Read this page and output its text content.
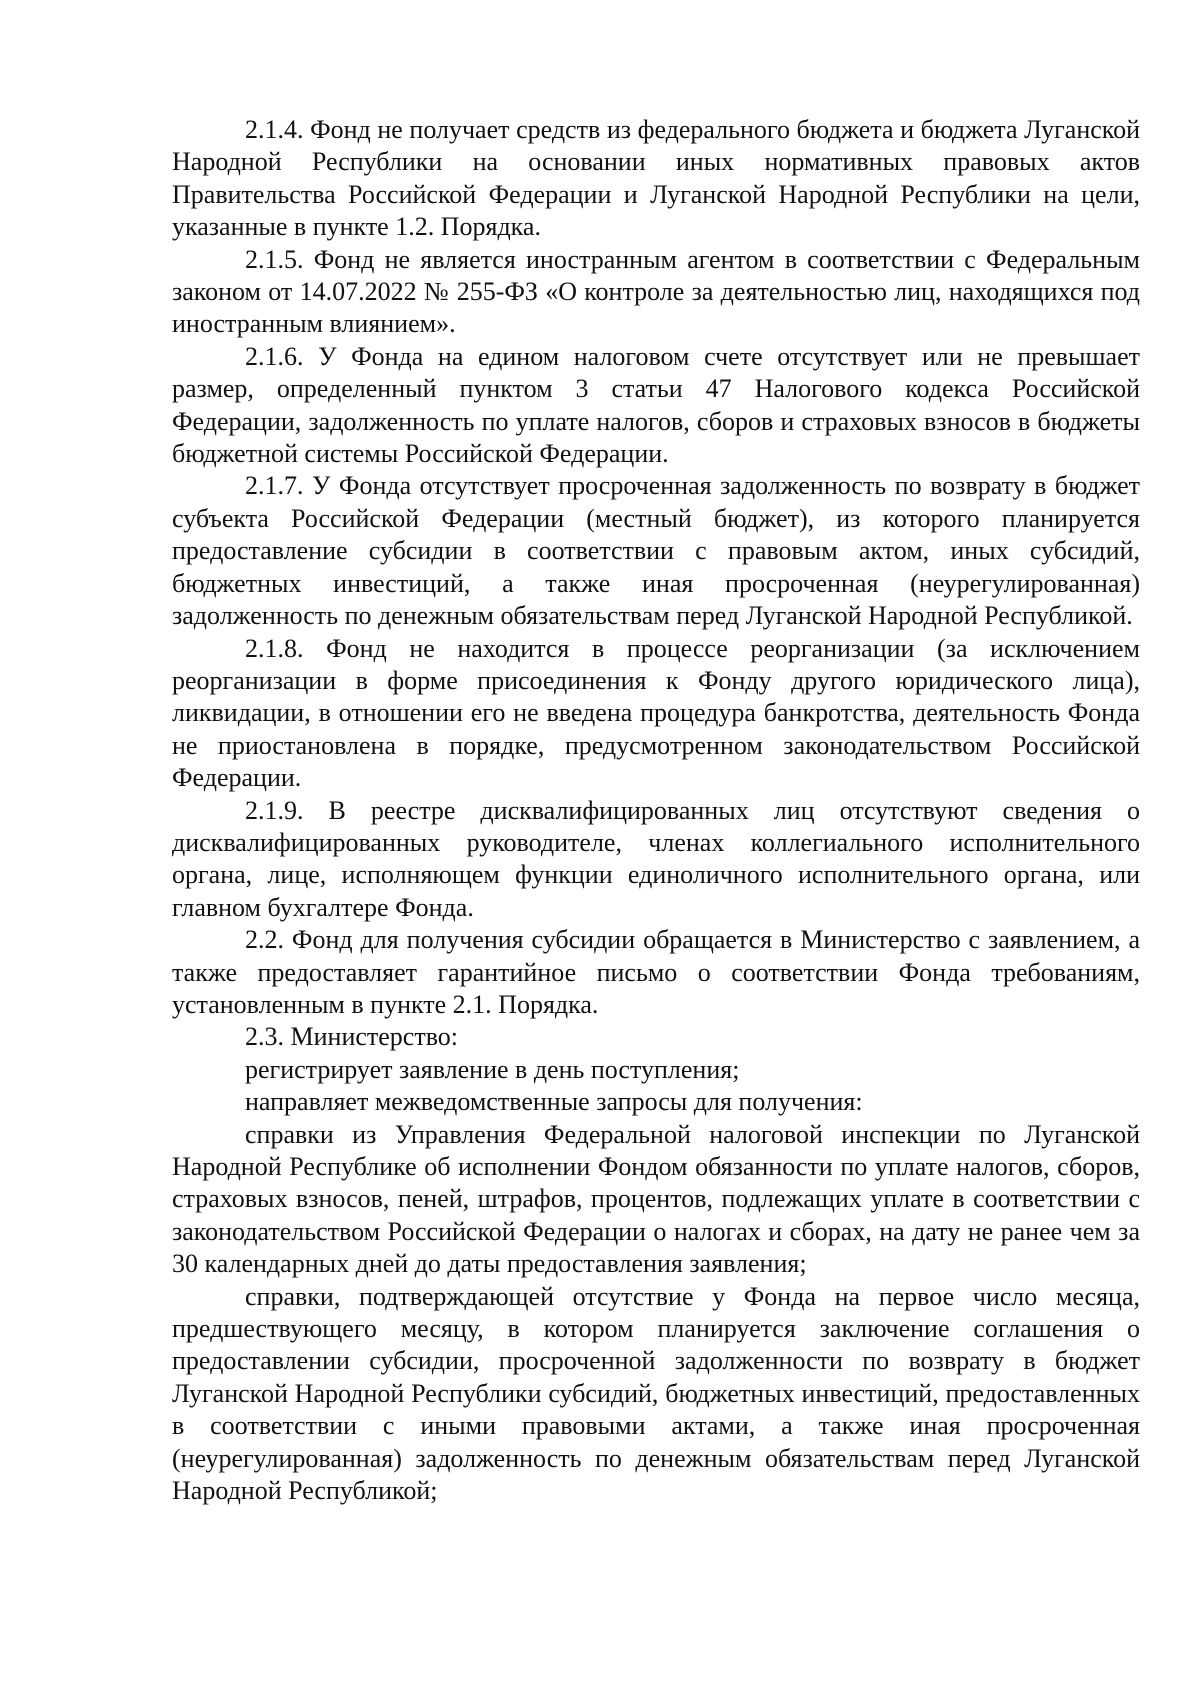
2.1.4. Фонд не получает средств из федерального бюджета и бюджета Луганской Народной Республики на основании иных нормативных правовых актов Правительства Российской Федерации и Луганской Народной Республики на цели, указанные в пункте 1.2. Порядка.

2.1.5. Фонд не является иностранным агентом в соответствии с Федеральным законом от 14.07.2022 № 255-ФЗ «О контроле за деятельностью лиц, находящихся под иностранным влиянием».

2.1.6. У Фонда на едином налоговом счете отсутствует или не превышает размер, определенный пунктом 3 статьи 47 Налогового кодекса Российской Федерации, задолженность по уплате налогов, сборов и страховых взносов в бюджеты бюджетной системы Российской Федерации.

2.1.7. У Фонда отсутствует просроченная задолженность по возврату в бюджет субъекта Российской Федерации (местный бюджет), из которого планируется предоставление субсидии в соответствии с правовым актом, иных субсидий, бюджетных инвестиций, а также иная просроченная (неурегулированная) задолженность по денежным обязательствам перед Луганской Народной Республикой.

2.1.8. Фонд не находится в процессе реорганизации (за исключением реорганизации в форме присоединения к Фонду другого юридического лица), ликвидации, в отношении его не введена процедура банкротства, деятельность Фонда не приостановлена в порядке, предусмотренном законодательством Российской Федерации.

2.1.9. В реестре дисквалифицированных лиц отсутствуют сведения о дисквалифицированных руководителе, членах коллегиального исполнительного органа, лице, исполняющем функции единоличного исполнительного органа, или главном бухгалтере Фонда.

2.2. Фонд для получения субсидии обращается в Министерство с заявлением, а также предоставляет гарантийное письмо о соответствии Фонда требованиям, установленным в пункте 2.1. Порядка.

2.3. Министерство:

регистрирует заявление в день поступления;

направляет межведомственные запросы для получения:

справки из Управления Федеральной налоговой инспекции по Луганской Народной Республике об исполнении Фондом обязанности по уплате налогов, сборов, страховых взносов, пеней, штрафов, процентов, подлежащих уплате в соответствии с законодательством Российской Федерации о налогах и сборах, на дату не ранее чем за 30 календарных дней до даты предоставления заявления;

справки, подтверждающей отсутствие у Фонда на первое число месяца, предшествующего месяцу, в котором планируется заключение соглашения о предоставлении субсидии, просроченной задолженности по возврату в бюджет Луганской Народной Республики субсидий, бюджетных инвестиций, предоставленных в соответствии с иными правовыми актами, а также иная просроченная (неурегулированная) задолженность по денежным обязательствам перед Луганской Народной Республикой;
